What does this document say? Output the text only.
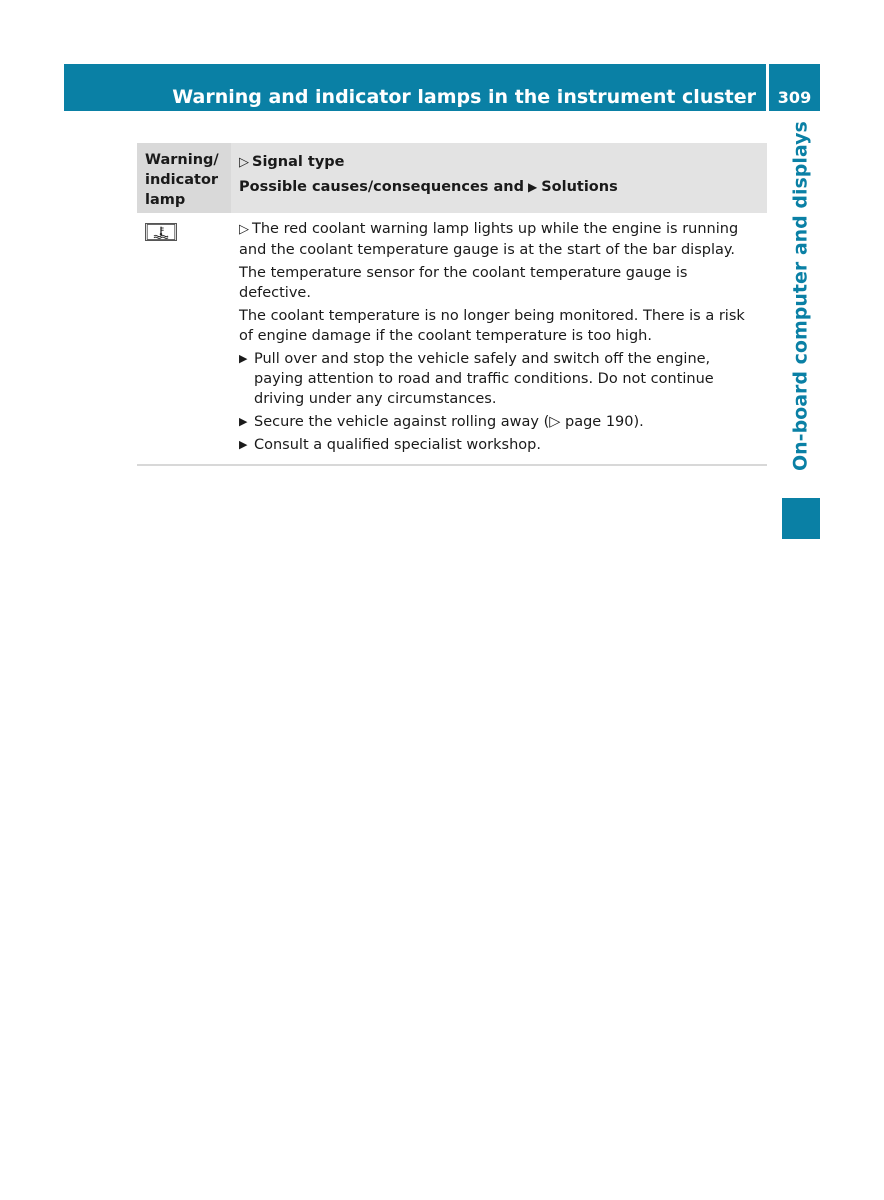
Warning and indicator lamps in the instrument cluster	309
On-board computer and displays
Warning/ indicator lamp
▷ Signal type
Possible causes/consequences and ▶ Solutions

▷ The red coolant warning lamp lights up while the engine is running and the coolant temperature gauge is at the start of the bar display.

The temperature sensor for the coolant temperature gauge is defective.

The coolant temperature is no longer being monitored. There is a risk of engine damage if the coolant temperature is too high.

▶ Pull over and stop the vehicle safely and switch off the engine, paying attention to road and traffic conditions. Do not continue driving under any circumstances.
▶ Secure the vehicle against rolling away (▷ page 190).
▶ Consult a qualified specialist workshop.
